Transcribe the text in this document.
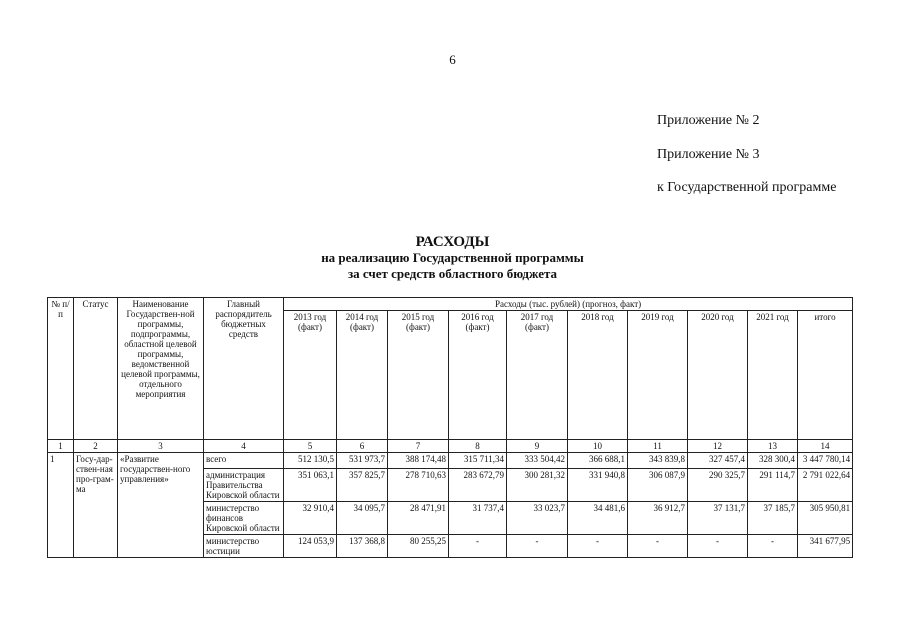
6
Приложение № 2
Приложение № 3
к Государственной программе
РАСХОДЫ
на реализацию Государственной программы
за счет средств областного бюджета
№ п/п	Статус	Наименование Государствен-ной программы, подпрограммы, областной целевой программы, ведомственной целевой программы, отдельного мероприятия	Главный распорядитель бюджетных средств	Расходы (тыс. рублей) (прогноз, факт)									
				2013 год (факт)	2014 год (факт)	2015 год (факт)	2016 год (факт)	2017 год (факт)	2018 год	2019 год	2020 год	2021 год	итого
1	2	3	4	5	6	7	8	9	10	11	12	13	14
1	Госу-дар-ствен-ная про-грам-ма	«Развитие государствен-ного управления»	всего	512 130,5	531 973,7	388 174,48	315 711,34	333 504,42	366 688,1	343 839,8	327 457,4	328 300,4	3 447 780,14
			администрация Правительства Кировской области	351 063,1	357 825,7	278 710,63	283 672,79	300 281,32	331 940,8	306 087,9	290 325,7	291 114,7	2 791 022,64
			министерство финансов Кировской области	32 910,4	34 095,7	28 471,91	31 737,4	33 023,7	34 481,6	36 912,7	37 131,7	37 185,7	305 950,81
			министерство юстиции	124 053,9	137 368,8	80 255,25	-	-	-	-	-	-	341 677,95
